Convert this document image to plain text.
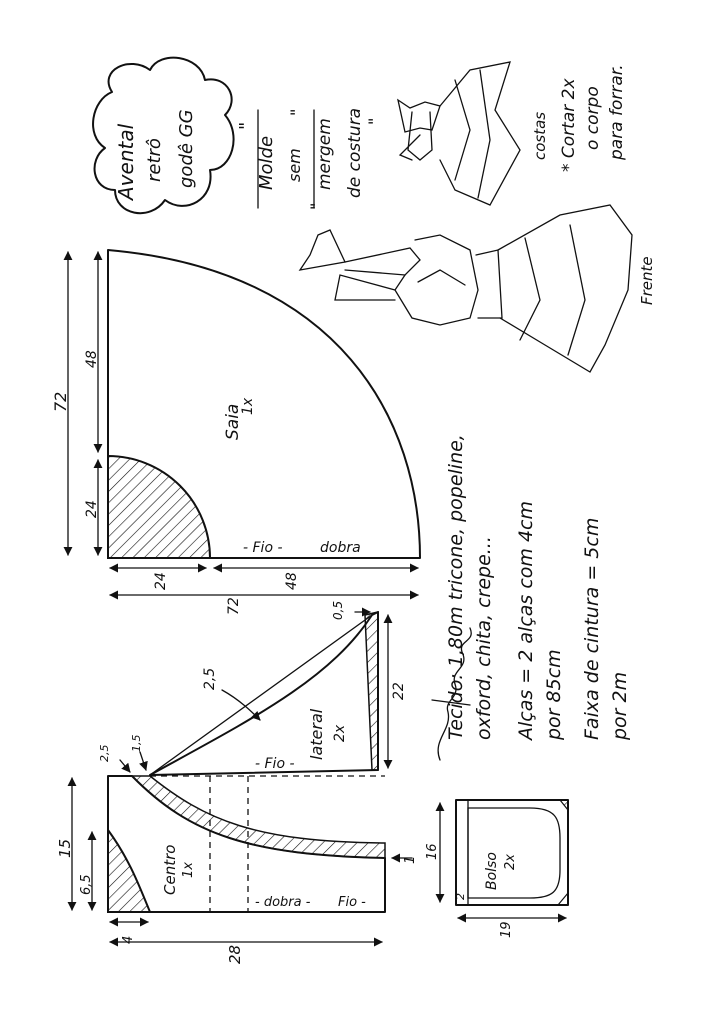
Avental retrô godê GG "
Molde sem mergem de costura
"
"
"	costas * Cortar 2x o corpo para forrar.
Frente
Saia
1x
- Fio -	dobra
72
48
24
24	48
72
lateral 2x
- Fio -
0,5
2,5
22
Centro 1x
- dobra - Fio -
15
6,5
2,5
1,5
4
28
1	Bolso 2x
2
16
19
Tecido: 1,80m tricone, popeline, oxford, chita, crepe... Alças = 2 alças com 4cm por 85cm Faixa de cintura = 5cm por 2m
